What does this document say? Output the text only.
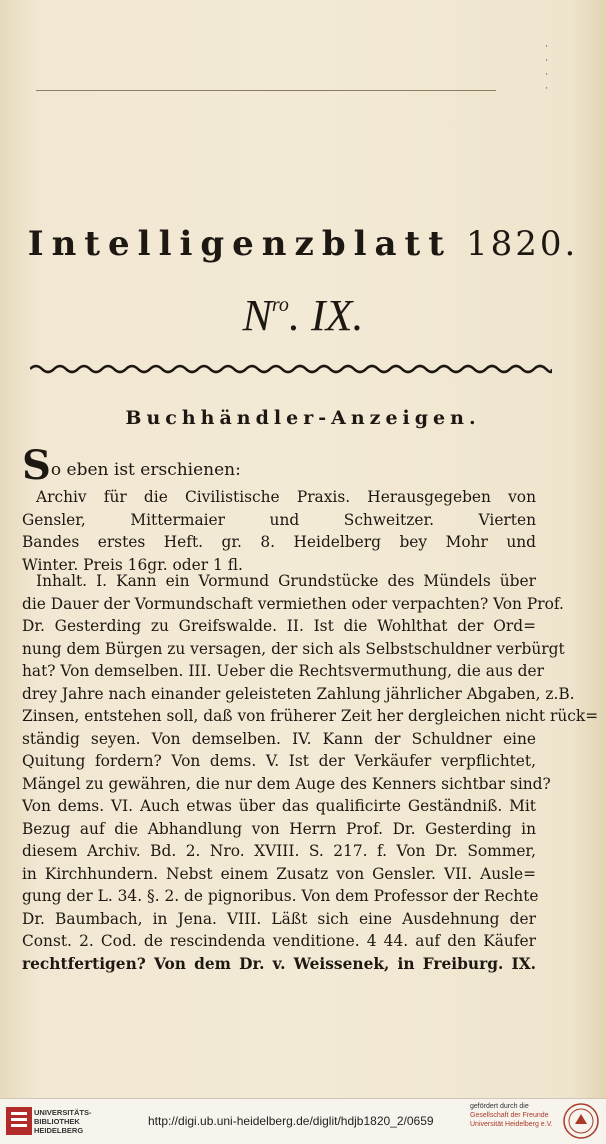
·
·
·
·
Intelligenzblatt 1820.
$N^{ro}$. IX.
Buchhändler-Anzeigen.
So eben ist erschienen:
Archiv für die Civilistische Praxis. Herausgegeben von
Gensler, Mittermaier und Schweitzer. Vierten
Bandes erstes Heft. gr. 8. Heidelberg bey Mohr und
Winter. Preis 16gr. oder 1 fl.
Inhalt. I. Kann ein Vormund Grundstücke des Mündels über
die Dauer der Vormundschaft vermiethen oder verpachten? Von Prof.
Dr. Gesterding zu Greifswalde. II. Ist die Wohlthat der Ord=
nung dem Bürgen zu versagen, der sich als Selbstschuldner verbürgt
hat? Von demselben. III. Ueber die Rechtsvermuthung, die aus der
drey Jahre nach einander geleisteten Zahlung jährlicher Abgaben, z.B.
Zinsen, entstehen soll, daß von früherer Zeit her dergleichen nicht rück=
ständig seyen. Von demselben. IV. Kann der Schuldner eine
Quitung fordern? Von dems. V. Ist der Verkäufer verpflichtet,
Mängel zu gewähren, die nur dem Auge des Kenners sichtbar sind?
Von dems. VI. Auch etwas über das qualificirte Geständniß. Mit
Bezug auf die Abhandlung von Herrn Prof. Dr. Gesterding in
diesem Archiv. Bd. 2. Nro. XVIII. S. 217. f. Von Dr. Sommer,
in Kirchhundern. Nebst einem Zusatz von Gensler. VII. Ausle=
gung der L. 34. §. 2. de pignoribus. Von dem Professor der Rechte
Dr. Baumbach, in Jena. VIII. Läßt sich eine Ausdehnung der
Const. 2. Cod. de rescindenda venditione. 4 44. auf den Käufer
rechtfertigen? Von dem Dr. v. Weissenek, in Freiburg. IX.
UNIVERSITÄTS-
BIBLIOTHEK
HEIDELBERG
http://digi.ub.uni-heidelberg.de/diglit/hdjb1820_2/0659
gefördert durch die
Gesellschaft der Freunde
Universität Heidelberg e.V.
